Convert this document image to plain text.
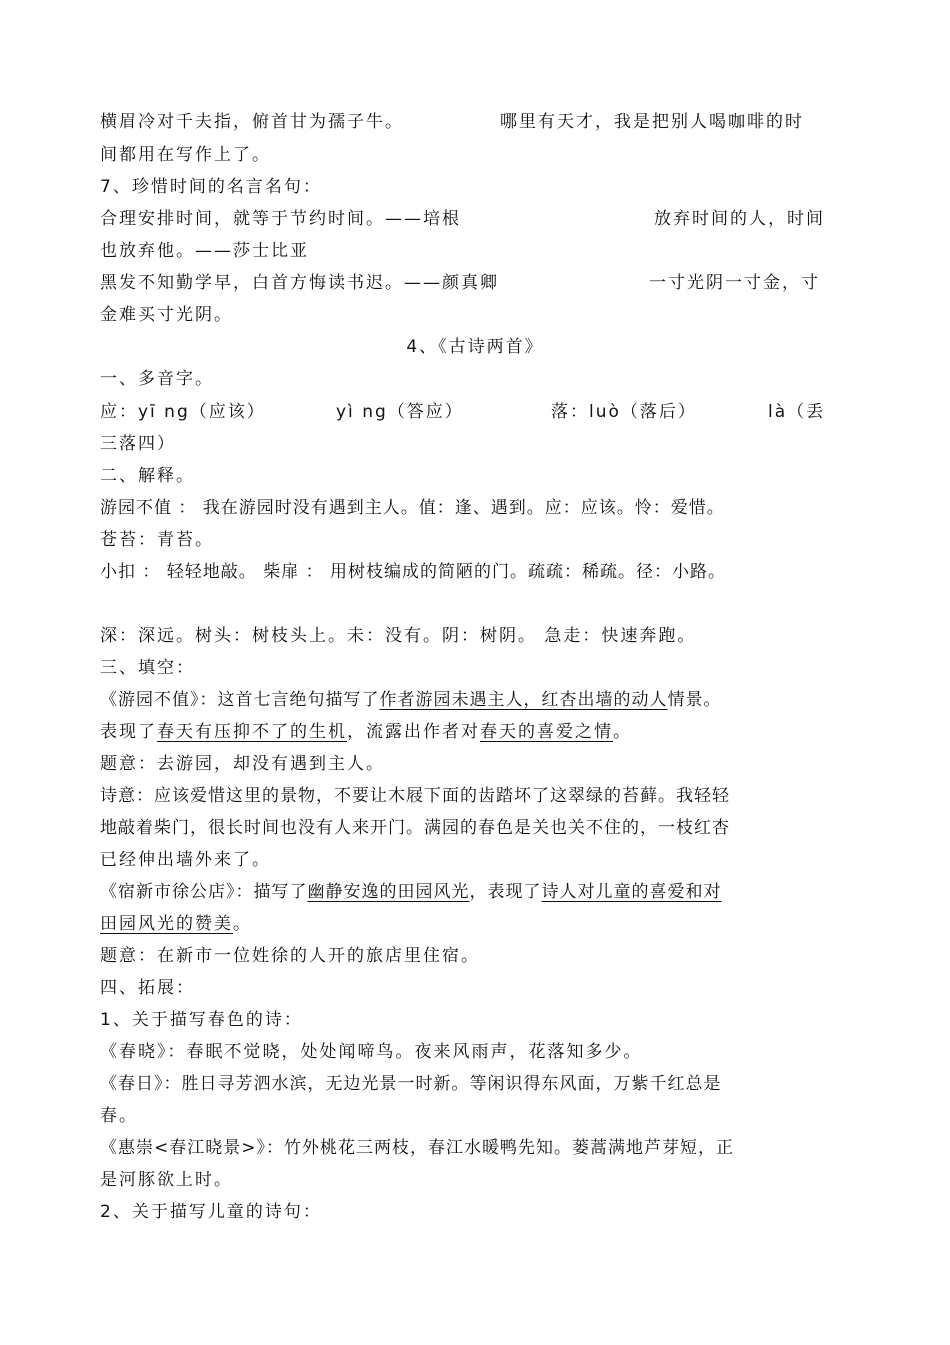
横眉冷对千夫指，俯首甘为孺子牛。	哪里有天才，我是把别人喝咖啡的时
间都用在写作上了。
7、珍惜时间的名言名句：
合理安排时间，就等于节约时间。——培根	放弃时间的人，时间
也放弃他。——莎士比亚
黑发不知勤学早，白首方悔读书迟。——颜真卿	一寸光阴一寸金，寸
金难买寸光阴。
4、《古诗两首》
一、多音字。
应：yī ng（应该）	yì ng（答应）	落：luò（落后）	là（丢
三落四）
二、解释。
游园不值 ： 我在游园时没有遇到主人。值：逢、遇到。应：应该。怜：爱惜。
苍苔：青苔。
小扣 ： 轻轻地敲。 柴扉 ： 用树枝编成的简陋的门。疏疏：稀疏。径：小路。
深：深远。树头：树枝头上。未：没有。阴：树阴。 急走：快速奔跑。
三、填空：
《游园不值》：这首七言绝句描写了作者游园未遇主人，红杏出墙的动人情景。
表现了春天有压抑不了的生机，流露出作者对春天的喜爱之情。
题意：去游园，却没有遇到主人。
诗意：应该爱惜这里的景物，不要让木屐下面的齿踏坏了这翠绿的苔藓。我轻轻
地敲着柴门，很长时间也没有人来开门。满园的春色是关也关不住的，一枝红杏
已经伸出墙外来了。
《宿新市徐公店》：描写了幽静安逸的田园风光，表现了诗人对儿童的喜爱和对
田园风光的赞美。
题意：在新市一位姓徐的人开的旅店里住宿。
四、拓展：
1、关于描写春色的诗：
《春晓》：春眠不觉晓，处处闻啼鸟。夜来风雨声，花落知多少。
《春日》：胜日寻芳泗水滨，无边光景一时新。等闲识得东风面，万紫千红总是
春。
《惠崇<春江晓景>》：竹外桃花三两枝，春江水暖鸭先知。蒌蒿满地芦芽短，正
是河豚欲上时。
2、关于描写儿童的诗句：
